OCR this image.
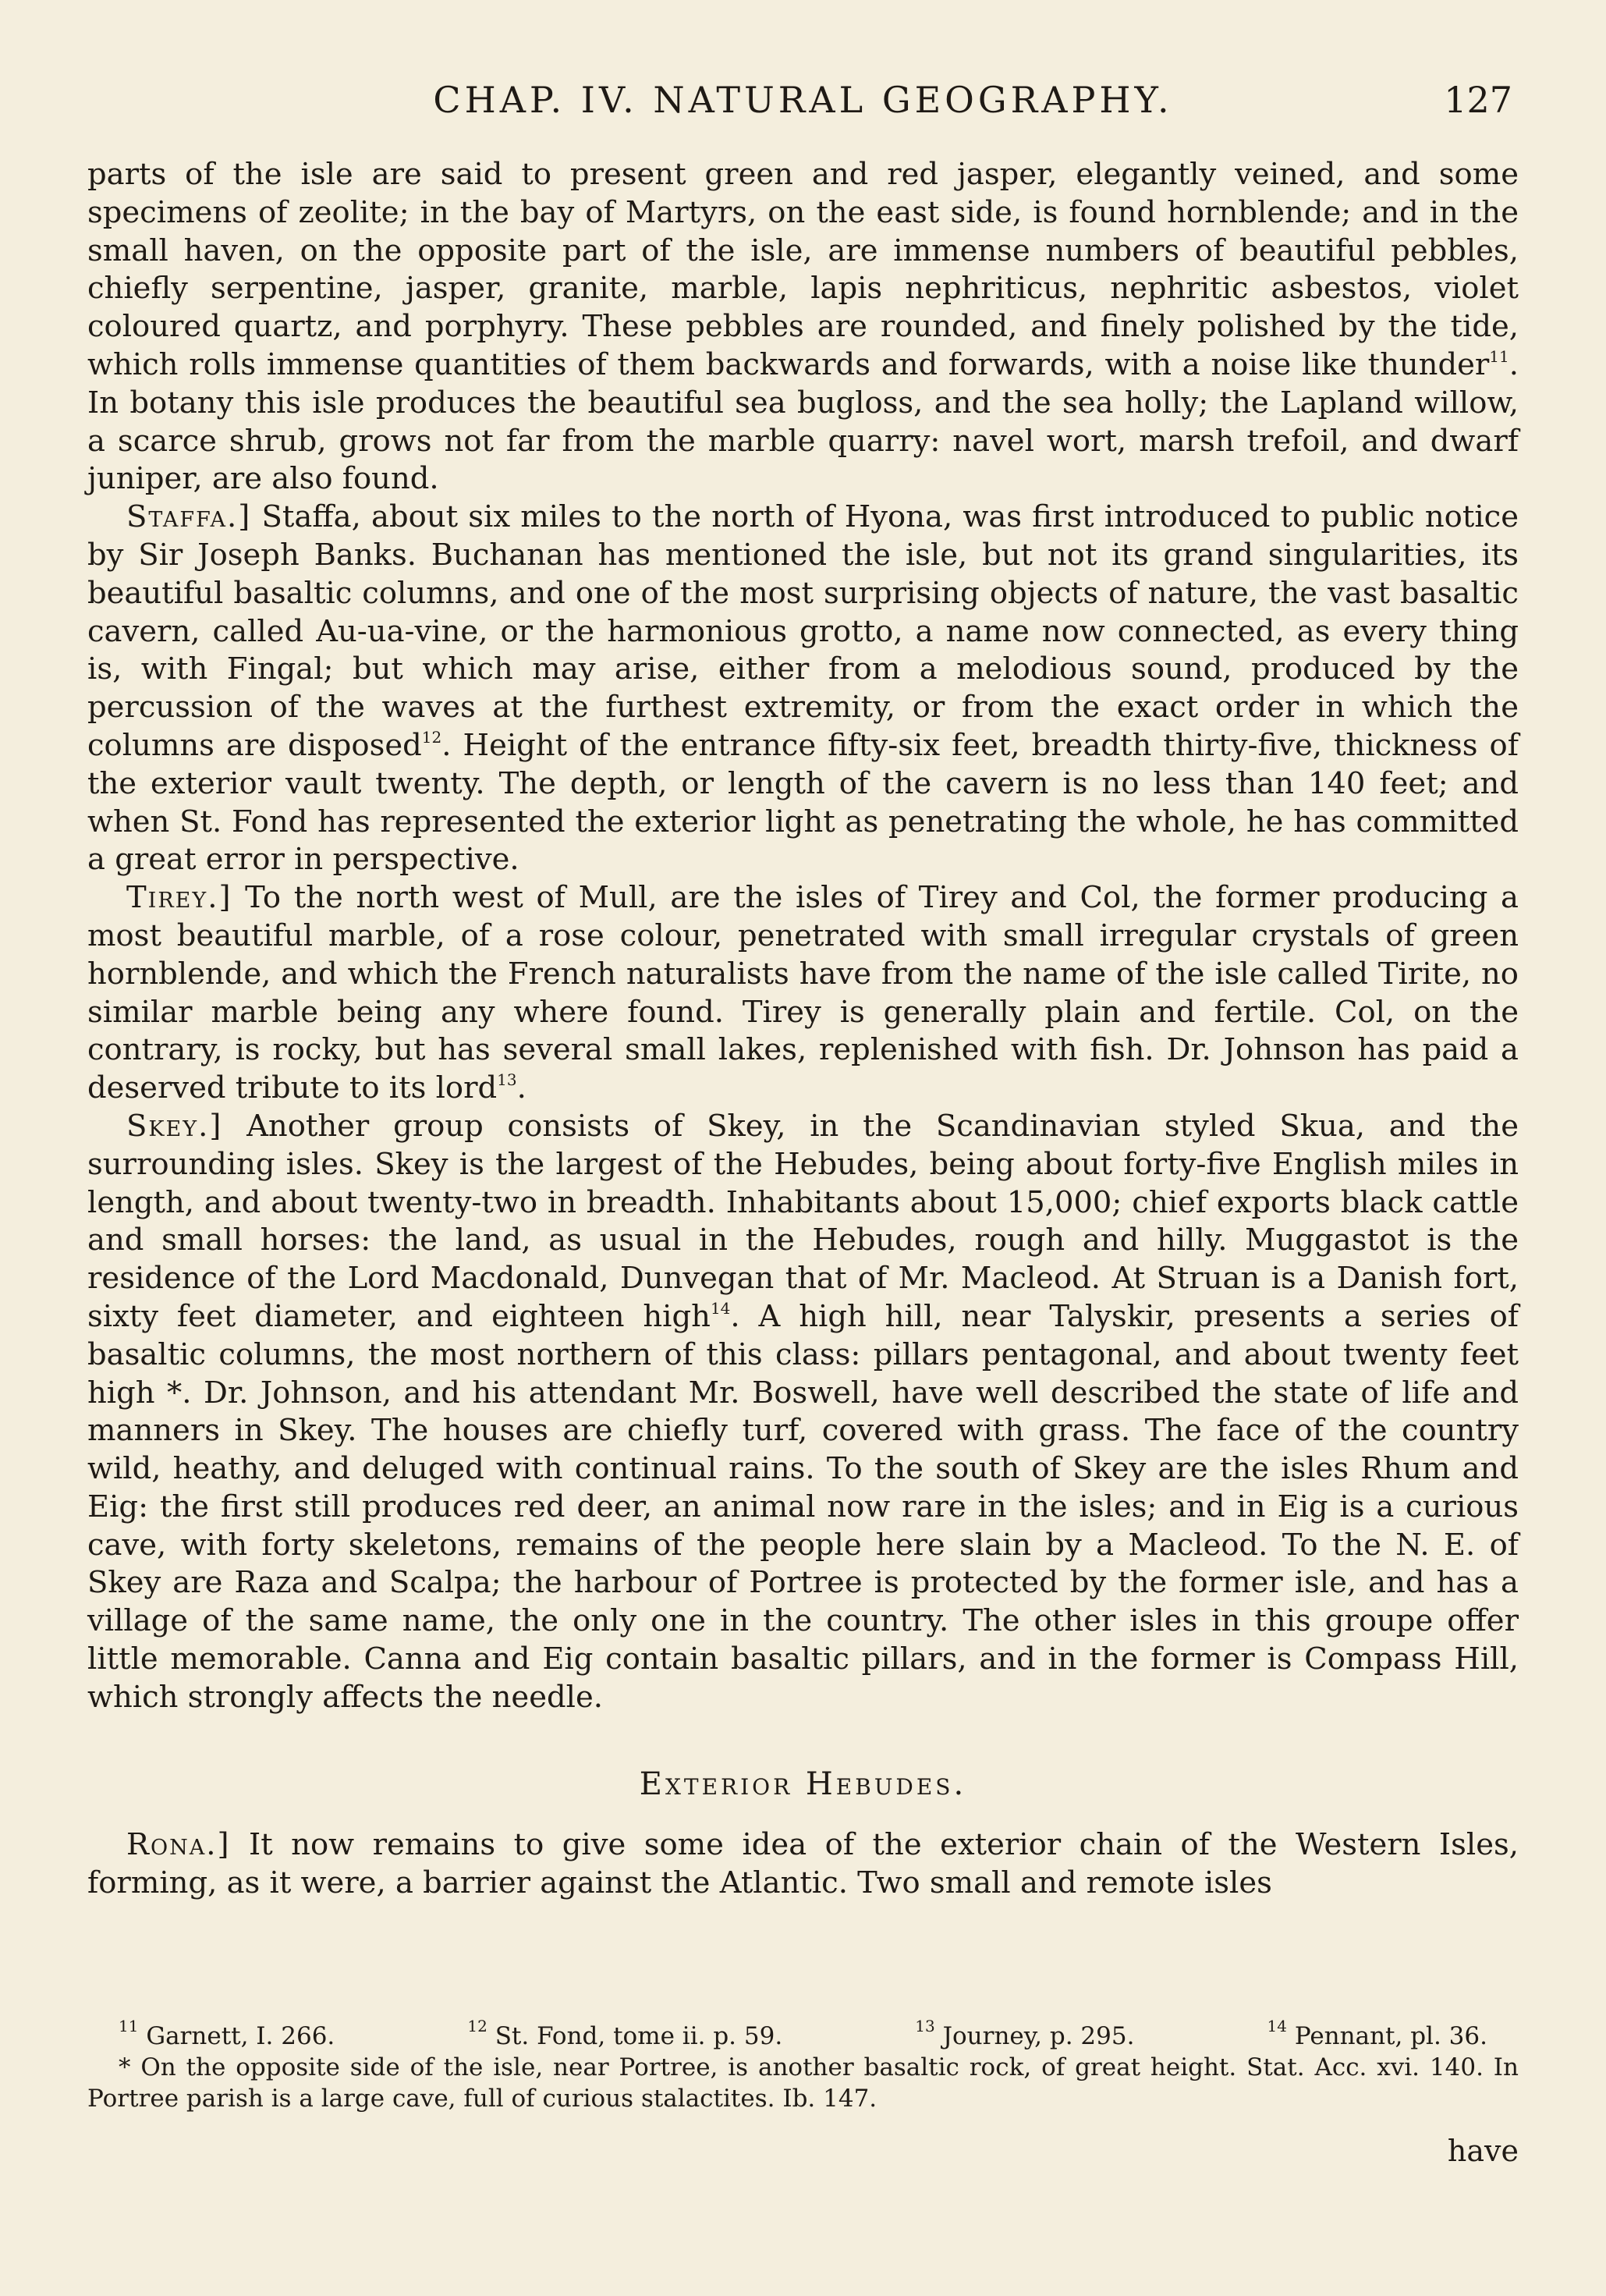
CHAP. IV. NATURAL GEOGRAPHY.	127

parts of the isle are said to present green and red jasper, elegantly veined, and some specimens of zeolite; in the bay of Martyrs, on the east side, is found hornblende; and in the small haven, on the opposite part of the isle, are immense numbers of beautiful pebbles, chiefly serpentine, jasper, granite, marble, lapis nephriticus, nephritic asbestos, violet coloured quartz, and porphyry. These pebbles are rounded, and finely polished by the tide, which rolls immense quantities of them backwards and forwards, with a noise like thunder$^{11}$. In botany this isle produces the beautiful sea bugloss, and the sea holly; the Lapland willow, a scarce shrub, grows not far from the marble quarry: navel wort, marsh trefoil, and dwarf juniper, are also found.

Staffa.] Staffa, about six miles to the north of Hyona, was first introduced to public notice by Sir Joseph Banks. Buchanan has mentioned the isle, but not its grand singularities, its beautiful basaltic columns, and one of the most surprising objects of nature, the vast basaltic cavern, called Au-ua-vine, or the harmonious grotto, a name now connected, as every thing is, with Fingal; but which may arise, either from a melodious sound, produced by the percussion of the waves at the furthest extremity, or from the exact order in which the columns are disposed$^{12}$. Height of the entrance fifty-six feet, breadth thirty-five, thickness of the exterior vault twenty. The depth, or length of the cavern is no less than 140 feet; and when St. Fond has represented the exterior light as penetrating the whole, he has committed a great error in perspective.

Tirey.] To the north west of Mull, are the isles of Tirey and Col, the former producing a most beautiful marble, of a rose colour, penetrated with small irregular crystals of green hornblende, and which the French naturalists have from the name of the isle called Tirite, no similar marble being any where found. Tirey is generally plain and fertile. Col, on the contrary, is rocky, but has several small lakes, replenished with fish. Dr. Johnson has paid a deserved tribute to its lord$^{13}$.

Skey.] Another group consists of Skey, in the Scandinavian styled Skua, and the surrounding isles. Skey is the largest of the Hebudes, being about forty-five English miles in length, and about twenty-two in breadth. Inhabitants about 15,000; chief exports black cattle and small horses: the land, as usual in the Hebudes, rough and hilly. Muggastot is the residence of the Lord Macdonald, Dunvegan that of Mr. Macleod. At Struan is a Danish fort, sixty feet diameter, and eighteen high$^{14}$. A high hill, near Talyskir, presents a series of basaltic columns, the most northern of this class: pillars pentagonal, and about twenty feet high *. Dr. Johnson, and his attendant Mr. Boswell, have well described the state of life and manners in Skey. The houses are chiefly turf, covered with grass. The face of the country wild, heathy, and deluged with continual rains. To the south of Skey are the isles Rhum and Eig: the first still produces red deer, an animal now rare in the isles; and in Eig is a curious cave, with forty skeletons, remains of the people here slain by a Macleod. To the N. E. of Skey are Raza and Scalpa; the harbour of Portree is protected by the former isle, and has a village of the same name, the only one in the country. The other isles in this groupe offer little memorable. Canna and Eig contain basaltic pillars, and in the former is Compass Hill, which strongly affects the needle.

Exterior Hebudes.

Rona.] It now remains to give some idea of the exterior chain of the Western Isles, forming, as it were, a barrier against the Atlantic. Two small and remote isles

$^{11}$ Garnett, I. 266.	$^{12}$ St. Fond, tome ii. p. 59.	$^{13}$ Journey, p. 295.	$^{14}$ Pennant, pl. 36.
* On the opposite side of the isle, near Portree, is another basaltic rock, of great height. Stat. Acc. xvi. 140. In Portree parish is a large cave, full of curious stalactites. Ib. 147.
have
